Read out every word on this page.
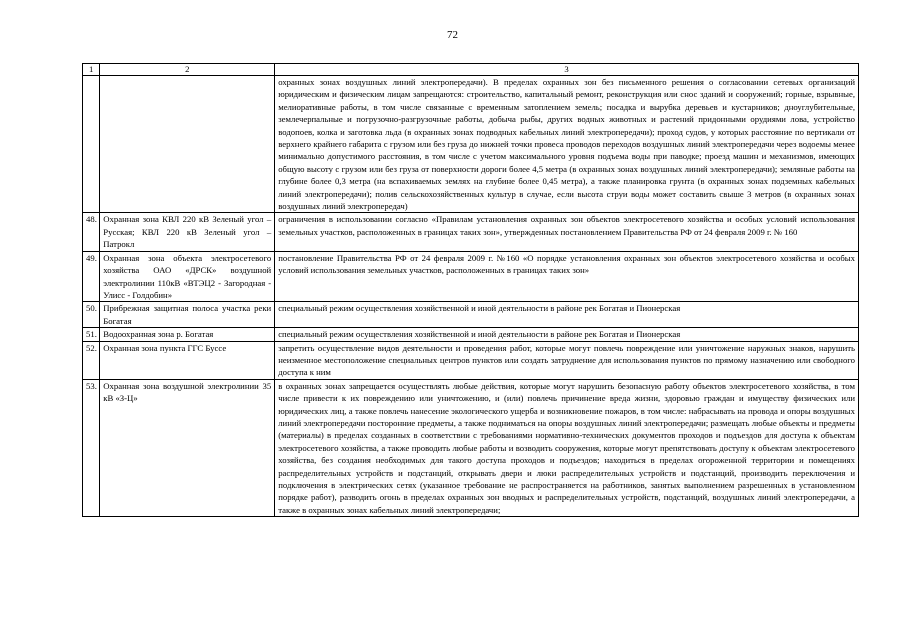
72
1	2	3
		охранных зонах воздушных линий электропередачи). В пределах охранных зон без письменного решения о согласовании сетевых организаций юридическим и физическим лицам запрещаются: строительство, капитальный ремонт, реконструкция или снос зданий и сооружений; горные, взрывные, мелиоративные работы, в том числе связанные с временным затоплением земель; посадка и вырубка деревьев и кустарников; дноуглубительные, землечерпальные и погрузочно-разгрузочные работы, добыча рыбы, других водных животных и растений придонными орудиями лова, устройство водопоев, колка и заготовка льда (в охранных зонах подводных кабельных линий электропередачи); проход судов, у которых расстояние по вертикали от верхнего крайнего габарита с грузом или без груза до нижней точки провеса проводов переходов воздушных линий электропередачи через водоемы менее минимально допустимого расстояния, в том числе с учетом максимального уровня подъема воды при паводке; проезд машин и механизмов, имеющих общую высоту с грузом или без груза от поверхности дороги более 4,5 метра (в охранных зонах воздушных линий электропередачи); земляные работы на глубине более 0,3 метра (на вспахиваемых землях на глубине более 0,45 метра), а также планировка грунта (в охранных зонах подземных кабельных линий электропередачи); полив сельскохозяйственных культур в случае, если высота струи воды может составить свыше 3 метров (в охранных зонах воздушных линий электропередач)
48.	Охранная зона КВЛ 220 кВ Зеленый угол – Русская; КВЛ 220 кВ Зеленый угол – Патрокл	ограничения в использовании согласно «Правилам установления охранных зон объектов электросетевого хозяйства и особых условий использования земельных участков, расположенных в границах таких зон», утвержденных постановлением Правительства РФ от 24 февраля 2009 г. № 160
49.	Охранная зона объекта электросетевого хозяйства ОАО «ДРСК» воздушной электролинии 110кВ «ВТЭЦ2 - Загородная - Улисс - Голдобин»	постановление Правительства РФ от 24 февраля 2009 г. №160 «О порядке установления охранных зон объектов электросетевого хозяйства и особых условий использования земельных участков, расположенных в границах таких зон»
50.	Прибрежная защитная полоса участка реки Богатая	специальный режим осуществления хозяйственной и иной деятельности в районе рек Богатая и Пионерская
51.	Водоохранная зона р. Богатая	специальный режим осуществления хозяйственной и иной деятельности в районе рек Богатая и Пионерская
52.	Охранная зона пункта ГГС Буссе	запретить осуществление видов деятельности и проведения работ, которые могут повлечь повреждение или уничтожение наружных знаков, нарушить неизменное местоположение специальных центров пунктов или создать затруднение для использования пунктов по прямому назначению или свободного доступа к ним
53.	Охранная зона воздушной электролинии 35 кВ «З-Ц»	в охранных зонах запрещается осуществлять любые действия, которые могут нарушить безопасную работу объектов электросетевого хозяйства, в том числе привести к их повреждению или уничтожению, и (или) повлечь причинение вреда жизни, здоровью граждан и имуществу физических или юридических лиц, а также повлечь нанесение экологического ущерба и возникновение пожаров, в том числе: набрасывать на провода и опоры воздушных линий электропередачи посторонние предметы, а также подниматься на опоры воздушных линий электропередачи; размещать любые объекты и предметы (материалы) в пределах созданных в соответствии с требованиями нормативно-технических документов проходов и подъездов для доступа к объектам электросетевого хозяйства, а также проводить любые работы и возводить сооружения, которые могут препятствовать доступу к объектам электросетевого хозяйства, без создания необходимых для такого доступа проходов и подъездов; находиться в пределах огороженной территории и помещениях распределительных устройств и подстанций, открывать двери и люки распределительных устройств и подстанций, производить переключения и подключения в электрических сетях (указанное требование не распространяется на работников, занятых выполнением разрешенных в установленном порядке работ), разводить огонь в пределах охранных зон вводных и распределительных устройств, подстанций, воздушных линий электропередачи, а также в охранных зонах кабельных линий электропередачи;
